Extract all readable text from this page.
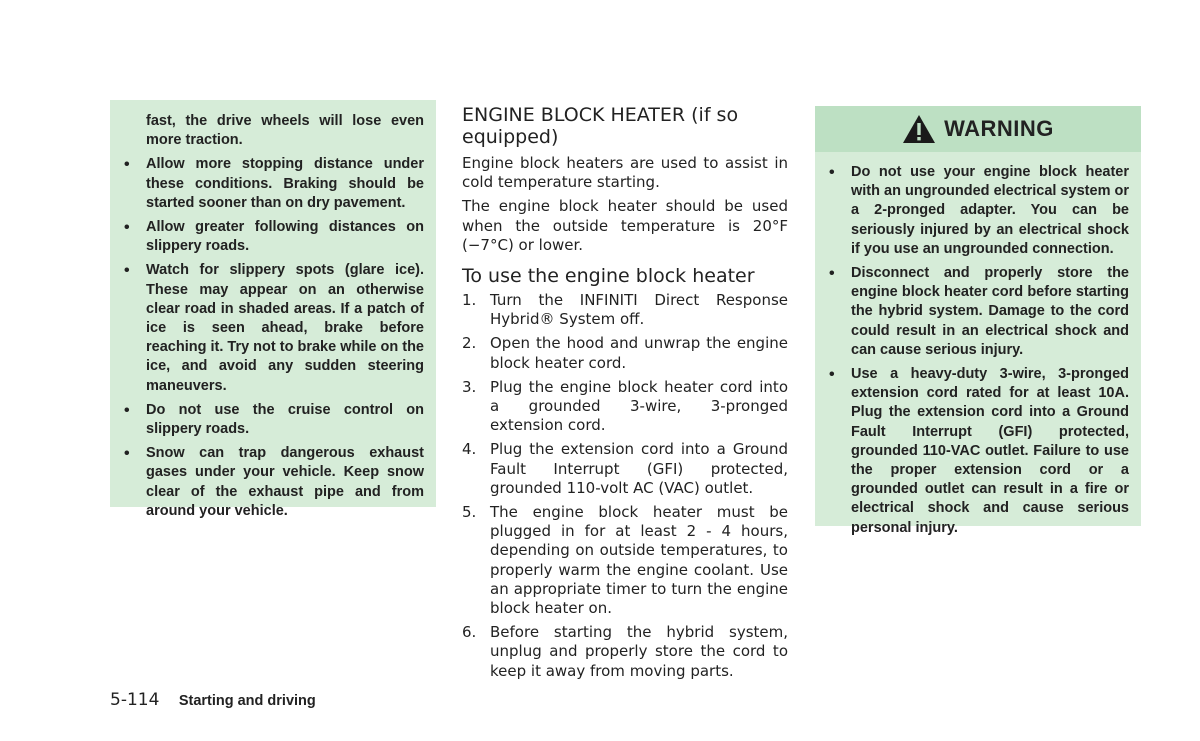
fast, the drive wheels will lose even more traction.
• Allow more stopping distance under these conditions. Braking should be started sooner than on dry pavement.
• Allow greater following distances on slippery roads.
• Watch for slippery spots (glare ice). These may appear on an otherwise clear road in shaded areas. If a patch of ice is seen ahead, brake before reaching it. Try not to brake while on the ice, and avoid any sudden steering maneuvers.
• Do not use the cruise control on slippery roads.
• Snow can trap dangerous exhaust gases under your vehicle. Keep snow clear of the exhaust pipe and from around your vehicle.
ENGINE BLOCK HEATER (if so equipped)

Engine block heaters are used to assist in cold temperature starting.

The engine block heater should be used when the outside temperature is 20°F (−7°C) or lower.

To use the engine block heater
1. Turn the INFINITI Direct Response Hybrid® System off.
2. Open the hood and unwrap the engine block heater cord.
3. Plug the engine block heater cord into a grounded 3-wire, 3-pronged extension cord.
4. Plug the extension cord into a Ground Fault Interrupt (GFI) protected, grounded 110-volt AC (VAC) outlet.
5. The engine block heater must be plugged in for at least 2 - 4 hours, depending on outside temperatures, to properly warm the engine coolant. Use an appropriate timer to turn the engine block heater on.
6. Before starting the hybrid system, unplug and properly store the cord to keep it away from moving parts.
WARNING
• Do not use your engine block heater with an ungrounded electrical system or a 2-pronged adapter. You can be seriously injured by an electrical shock if you use an ungrounded connection.
• Disconnect and properly store the engine block heater cord before starting the hybrid system. Damage to the cord could result in an electrical shock and can cause serious injury.
• Use a heavy-duty 3-wire, 3-pronged extension cord rated for at least 10A. Plug the extension cord into a Ground Fault Interrupt (GFI) protected, grounded 110-VAC outlet. Failure to use the proper extension cord or a grounded outlet can result in a fire or electrical shock and cause serious personal injury.
5-114 Starting and driving
